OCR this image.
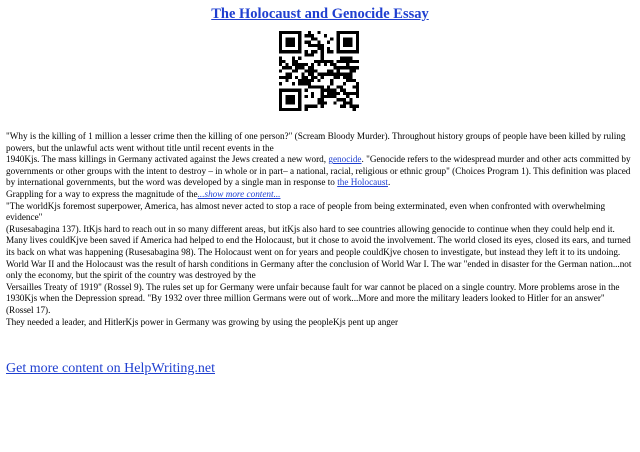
The Holocaust and Genocide Essay

"Why is the killing of 1 million a lesser crime then the killing of one person?" (Scream Bloody Murder). Throughout history groups of people have been killed by ruling powers, but the unlawful acts went without title until recent events in the

1940Kjs. The mass killings in Germany activated against the Jews created a new word, genocide. "Genocide refers to the widespread murder and other acts committed by governments or other groups with the intent to destroy – in whole or in part– a national, racial, religious or ethnic group" (Choices Program 1). This definition was placed by international governments, but the word was developed by a single man in response to the Holocaust.

Grappling for a way to express the magnitude of the...show more content...

"The worldKjs foremost superpower, America, has almost never acted to stop a race of people from being exterminated, even when confronted with overwhelming evidence"

(Rusesabagina 137). ItKjs hard to reach out in so many different areas, but itKjs also hard to see countries allowing genocide to continue when they could help end it. Many lives couldKjve been saved if America had helped to end the Holocaust, but it chose to avoid the involvement. The world closed its eyes, closed its ears, and turned its back on what was happening (Rusesabagina 98). The Holocaust went on for years and people couldKjve chosen to investigate, but instead they left it to its undoing.

World War II and the Holocaust was the result of harsh conditions in Germany after the conclusion of World War I. The war "ended in disaster for the German nation...not only the economy, but the spirit of the country was destroyed by the

Versailles Treaty of 1919" (Rossel 9). The rules set up for Germany were unfair because fault for war cannot be placed on a single country. More problems arose in the 1930Kjs when the Depression spread. "By 1932 over three million Germans were out of work...More and more the military leaders looked to Hitler for an answer" (Rossel 17).

They needed a leader, and HitlerKjs power in Germany was growing by using the peopleKjs pent up anger

Get more content on HelpWriting.net
